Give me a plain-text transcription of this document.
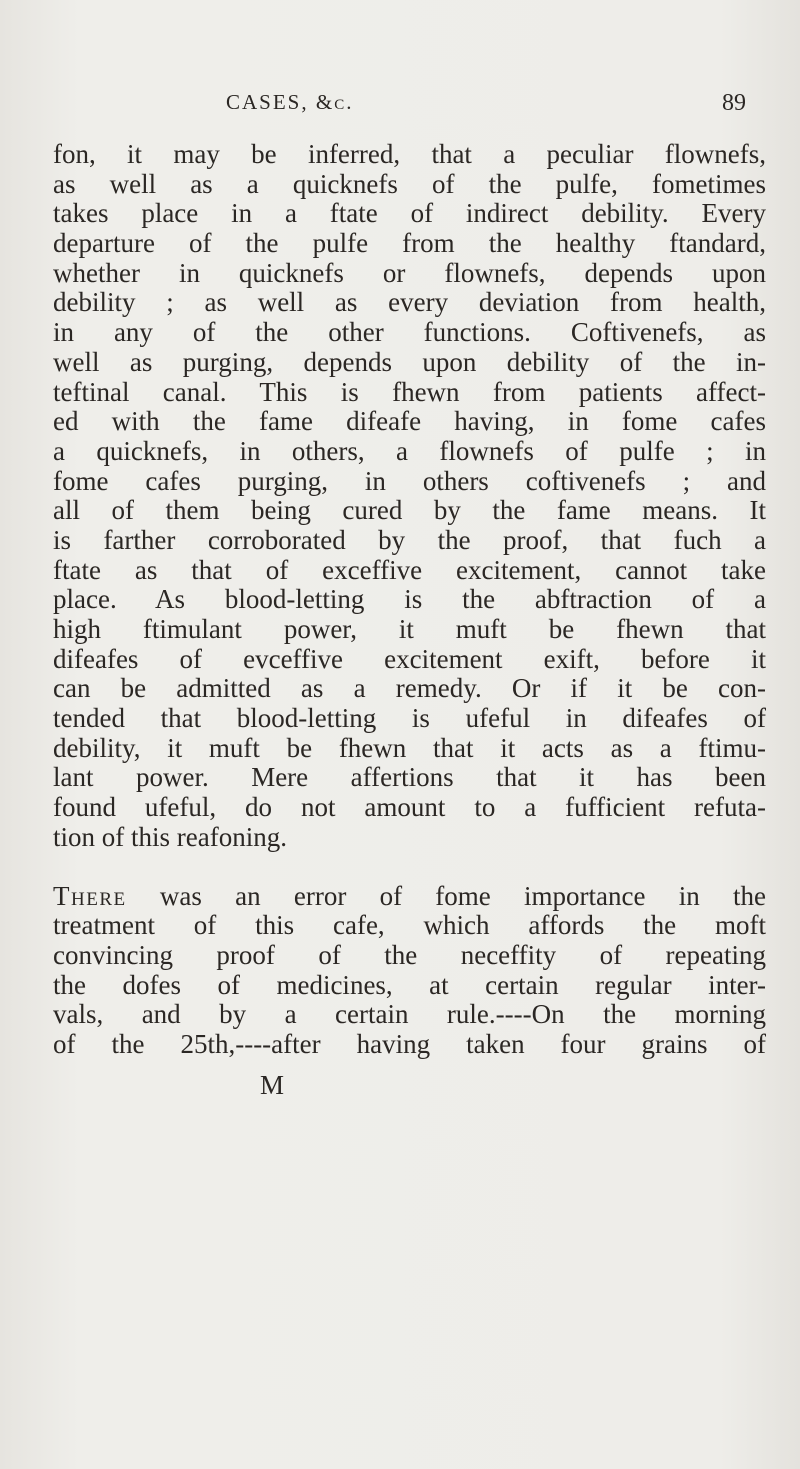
CASES, &c.	89
fon, it may be inferred, that a peculiar flownefs,
as well as a quicknefs of the pulfe, fometimes
takes place in a ftate of indirect debility. Every
departure of the pulfe from the healthy ftandard,
whether in quicknefs or flownefs, depends upon
debility ; as well as every deviation from health,
in any of the other functions. Coftivenefs, as
well as purging, depends upon debility of the in-
teftinal canal. This is fhewn from patients affect-
ed with the fame difeafe having, in fome cafes
a quicknefs, in others, a flownefs of pulfe ; in
fome cafes purging, in others coftivenefs ; and
all of them being cured by the fame means. It
is farther corroborated by the proof, that fuch a
ftate as that of exceffive excitement, cannot take
place. As blood-letting is the abftraction of a
high ftimulant power, it muft be fhewn that
difeafes of evceffive excitement exift, before it
can be admitted as a remedy. Or if it be con-
tended that blood-letting is ufeful in difeafes of
debility, it muft be fhewn that it acts as a ftimu-
lant power. Mere affertions that it has been
found ufeful, do not amount to a fufficient refuta-
tion of this reafoning.
There was an error of fome importance in the
treatment of this cafe, which affords the moft
convincing proof of the neceffity of repeating
the dofes of medicines, at certain regular inter-
vals, and by a certain rule.----On the morning
of the 25th,----after having taken four grains of
M
